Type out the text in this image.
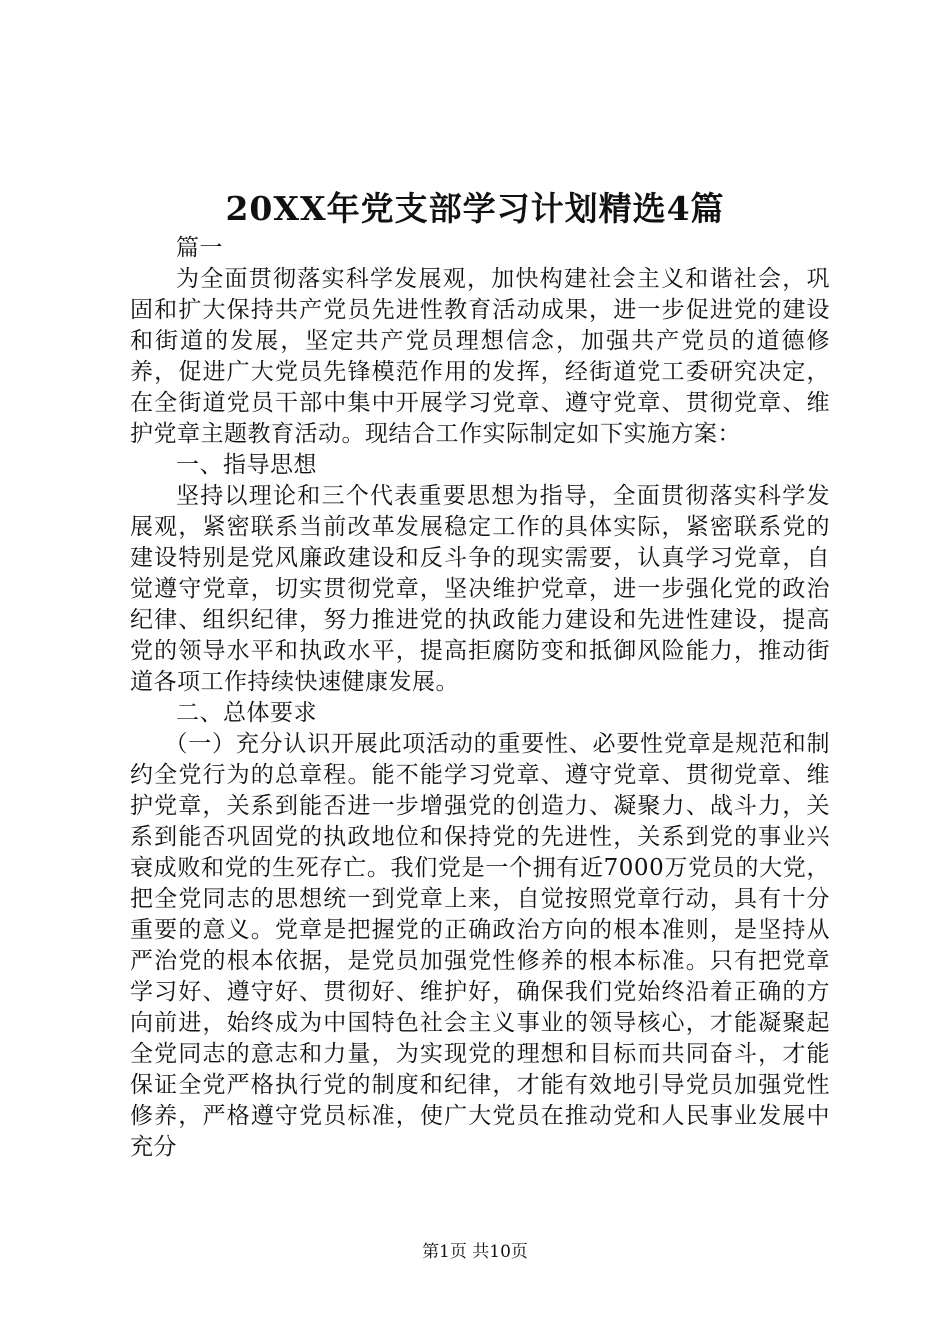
20XX年党支部学习计划精选4篇

篇一

为全面贯彻落实科学发展观，加快构建社会主义和谐社会，巩固和扩大保持共产党员先进性教育活动成果，进一步促进党的建设和街道的发展，坚定共产党员理想信念，加强共产党员的道德修养，促进广大党员先锋模范作用的发挥，经街道党工委研究决定，在全街道党员干部中集中开展学习党章、遵守党章、贯彻党章、维护党章主题教育活动。现结合工作实际制定如下实施方案：

一、指导思想

坚持以理论和三个代表重要思想为指导，全面贯彻落实科学发展观，紧密联系当前改革发展稳定工作的具体实际，紧密联系党的建设特别是党风廉政建设和反斗争的现实需要，认真学习党章，自觉遵守党章，切实贯彻党章，坚决维护党章，进一步强化党的政治纪律、组织纪律，努力推进党的执政能力建设和先进性建设，提高党的领导水平和执政水平，提高拒腐防变和抵御风险能力，推动街道各项工作持续快速健康发展。

二、总体要求

（一）充分认识开展此项活动的重要性、必要性党章是规范和制约全党行为的总章程。能不能学习党章、遵守党章、贯彻党章、维护党章，关系到能否进一步增强党的创造力、凝聚力、战斗力，关系到能否巩固党的执政地位和保持党的先进性，关系到党的事业兴衰成败和党的生死存亡。我们党是一个拥有近7000万党员的大党，把全党同志的思想统一到党章上来，自觉按照党章行动，具有十分重要的意义。党章是把握党的正确政治方向的根本准则，是坚持从严治党的根本依据，是党员加强党性修养的根本标准。只有把党章学习好、遵守好、贯彻好、维护好，确保我们党始终沿着正确的方向前进，始终成为中国特色社会主义事业的领导核心，才能凝聚起全党同志的意志和力量，为实现党的理想和目标而共同奋斗，才能保证全党严格执行党的制度和纪律，才能有效地引导党员加强党性修养，严格遵守党员标准，使广大党员在推动党和人民事业发展中充分

第1页 共10页
